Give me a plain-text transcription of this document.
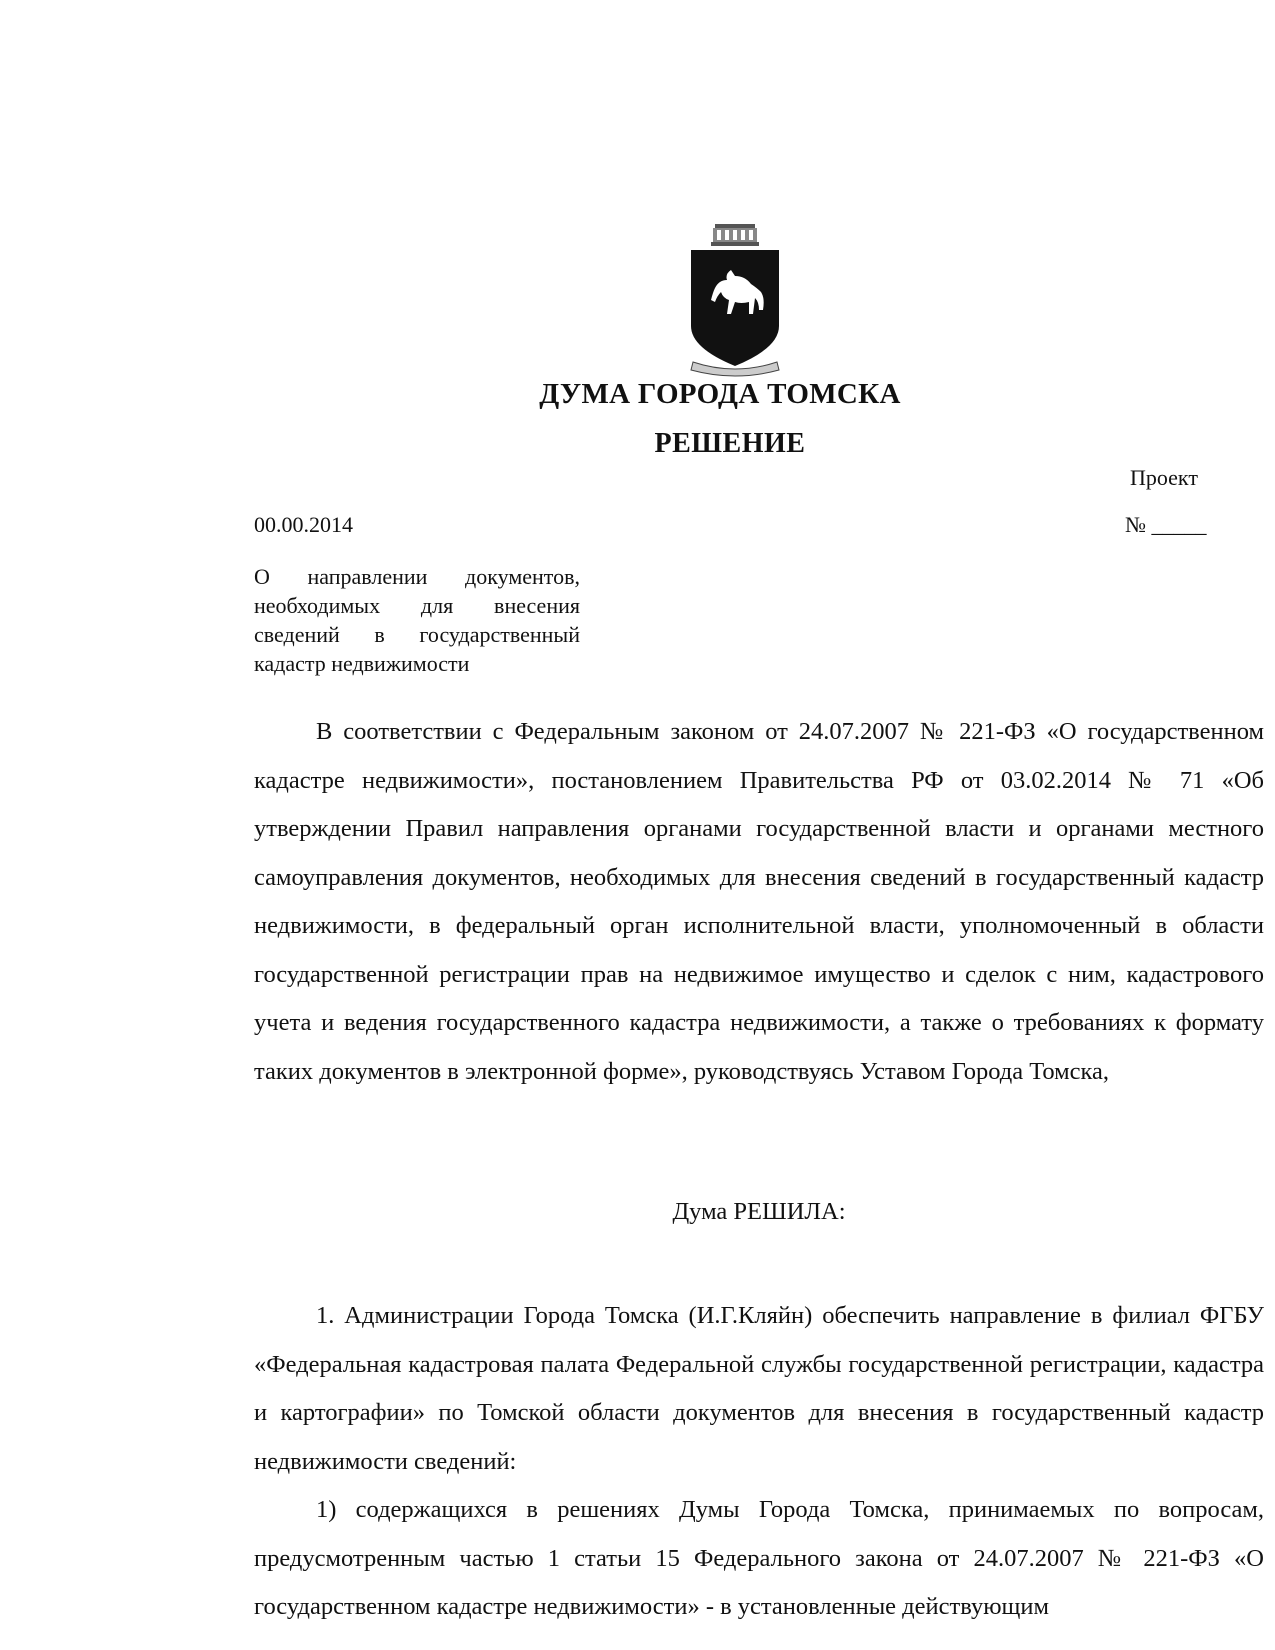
ДУМА ГОРОДА ТОМСКА
РЕШЕНИЕ
Проект
00.00.2014	№ _____
О направлении документов, необходимых для внесения сведений в государственный кадастр недвижимости

В соответствии с Федеральным законом от 24.07.2007 № 221-ФЗ «О государственном кадастре недвижимости», постановлением Правительства РФ от 03.02.2014 № 71 «Об утверждении Правил направления органами государственной власти и органами местного самоуправления документов, необходимых для внесения сведений в государственный кадастр недвижимости, в федеральный орган исполнительной власти, уполномоченный в области государственной регистрации прав на недвижимое имущество и сделок с ним, кадастрового учета и ведения государственного кадастра недвижимости, а также о требованиях к формату таких документов в электронной форме», руководствуясь Уставом Города Томска,

Дума РЕШИЛА:

1. Администрации Города Томска (И.Г.Кляйн) обеспечить направление в филиал ФГБУ «Федеральная кадастровая палата Федеральной службы государственной регистрации, кадастра и картографии» по Томской области документов для внесения в государственный кадастр недвижимости сведений:

1) содержащихся в решениях Думы Города Томска, принимаемых по вопросам, предусмотренным частью 1 статьи 15 Федерального закона от 24.07.2007 № 221-ФЗ «О государственном кадастре недвижимости» - в установленные действующим
